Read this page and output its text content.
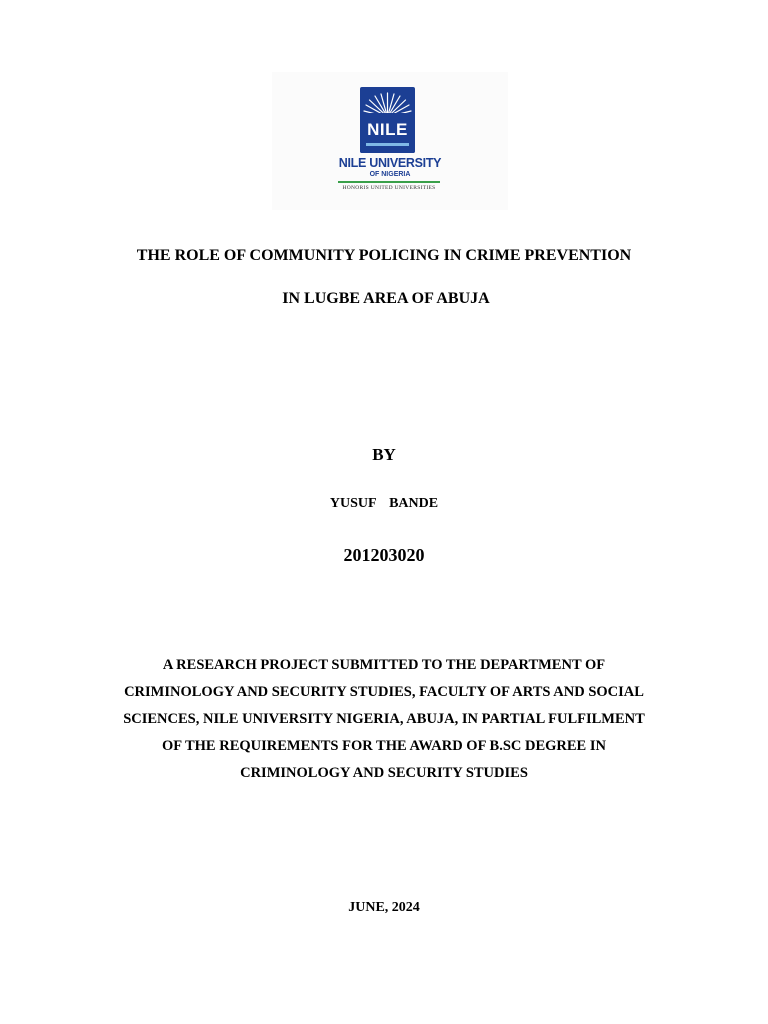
NILE
NILE UNIVERSITY
OF NIGERIA
HONORIS UNITED UNIVERSITIES
THE ROLE OF COMMUNITY POLICING IN CRIME PREVENTION
IN LUGBE AREA OF ABUJA
BY
YUSUF  BANDE
201203020
A RESEARCH PROJECT SUBMITTED TO THE DEPARTMENT OF
CRIMINOLOGY AND SECURITY STUDIES, FACULTY OF ARTS AND SOCIAL
SCIENCES, NILE UNIVERSITY NIGERIA, ABUJA, IN PARTIAL FULFILMENT
OF THE REQUIREMENTS FOR THE AWARD OF B.SC DEGREE IN
CRIMINOLOGY AND SECURITY STUDIES
JUNE, 2024
